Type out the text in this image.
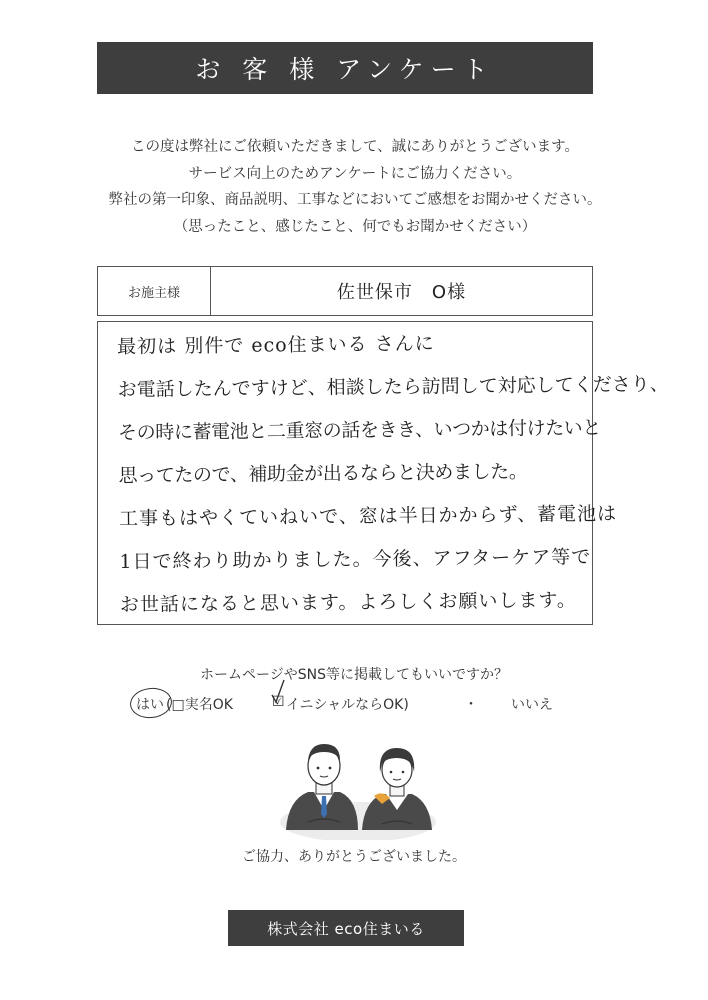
お 客 様 アンケート
この度は弊社にご依頼いただきまして、誠にありがとうございます。
サービス向上のためアンケートにご協力ください。
弊社の第一印象、商品説明、工事などにおいてご感想をお聞かせください。
（思ったこと、感じたこと、何でもお聞かせください）
お施主様	佐世保市　O様
最初は 別件で eco住まいる さんに
お電話したんですけど、相談したら訪問して対応してくださり、
その時に蓄電池と二重窓の話をきき、いつかは付けたいと
思ってたので、補助金が出るならと決めました。
工事もはやくていねいで、窓は半日かからず、蓄電池は
1日で終わり助かりました。今後、アフターケア等で
お世話になると思います。よろしくお願いします。
ホームページやSNS等に掲載してもいいですか？
はい (□実名OK	☑ イニシャルならOK)	・ いいえ
ご協力、ありがとうございました。
株式会社 eco住まいる
